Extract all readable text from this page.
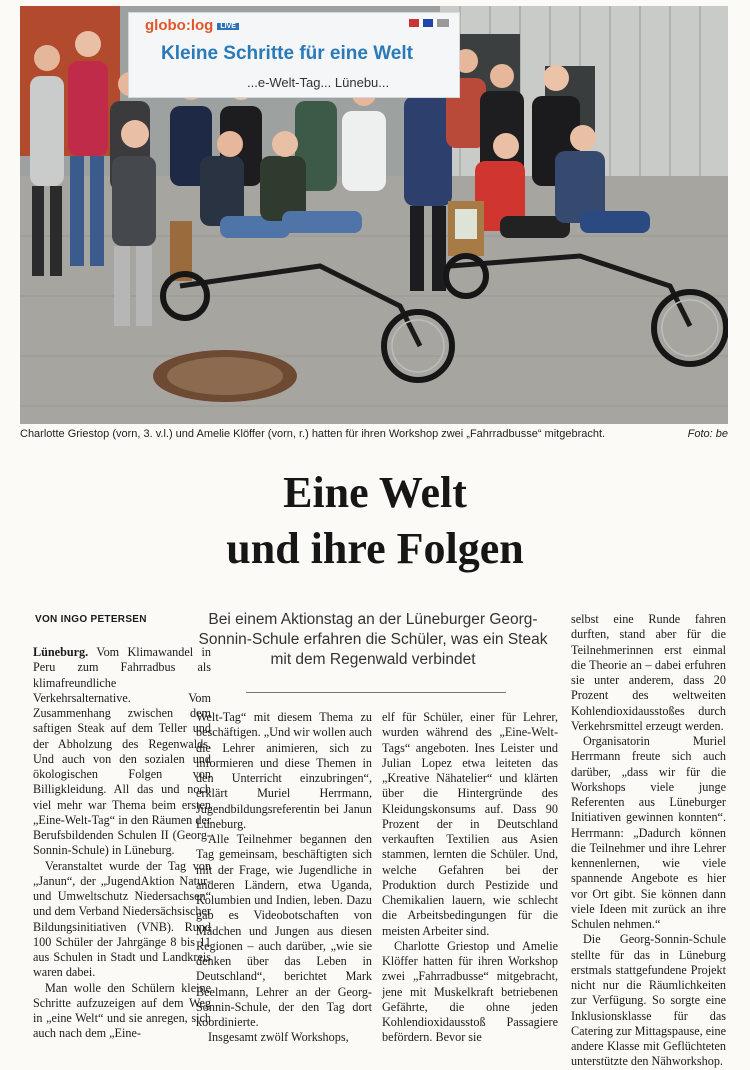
globo:log LIVE
Kleine Schritte für eine Welt
...e-Welt-Tag... Lünebu...
Charlotte Griestop (vorn, 3. v.l.) und Amelie Klöffer (vorn, r.) hatten für ihren Workshop zwei „Fahrradbusse“ mitgebracht.	Foto: be
Eine Welt
und ihre Folgen
VON INGO PETERSEN	Bei einem Aktionstag an der Lüneburger Georg-Sonnin-Schule erfahren die Schüler, was ein Steak mit dem Regenwald verbindet

Lüneburg. Vom Klimawandel in Peru zum Fahrradbus als klimafreundliche Verkehrsalternative. Vom Zusammenhang zwischen dem saftigen Steak auf dem Teller und der Abholzung des Regenwalds. Und auch von den sozialen und ökologischen Folgen von Billigkleidung. All das und noch viel mehr war Thema beim ersten „Eine-Welt-Tag“ in den Räumen der Berufsbildenden Schulen II (Georg-Sonnin-Schule) in Lüneburg.

Veranstaltet wurde der Tag von „Janun“, der „JugendAktion Natur- und Umweltschutz Niedersachsen“ und dem Verband Niedersächsischer Bildungsinitiativen (VNB). Rund 100 Schüler der Jahrgänge 8 bis 11 aus Schulen in Stadt und Landkreis waren dabei.

Man wolle den Schülern kleine Schritte aufzuzeigen auf dem Weg in „eine Welt“ und sie anregen, sich auch nach dem „Eine-

Welt-Tag“ mit diesem Thema zu beschäftigen. „Und wir wollen auch die Lehrer animieren, sich zu informieren und diese Themen in den Unterricht einzubringen“, erklärt Muriel Herrmann, Jugendbildungsreferentin bei Janun Lüneburg.

Alle Teilnehmer begannen den Tag gemeinsam, beschäftigten sich mit der Frage, wie Jugendliche in anderen Ländern, etwa Uganda, Kolumbien und Indien, leben. Dazu gab es Videobotschaften von Mädchen und Jungen aus diesen Regionen – auch darüber, „wie sie denken über das Leben in Deutschland“, berichtet Mark Beelmann, Lehrer an der Georg-Sonnin-Schule, der den Tag dort koordinierte.

Insgesamt zwölf Workshops,

elf für Schüler, einer für Lehrer, wurden während des „Eine-Welt-Tags“ angeboten. Ines Leister und Julian Lopez etwa leiteten das „Kreative Nähatelier“ und klärten über die Hintergründe des Kleidungskonsums auf. Dass 90 Prozent der in Deutschland verkauften Textilien aus Asien stammen, lernten die Schüler. Und, welche Gefahren bei der Produktion durch Pestizide und Chemikalien lauern, wie schlecht die Arbeitsbedingungen für die meisten Arbeiter sind.

Charlotte Griestop und Amelie Klöffer hatten für ihren Workshop zwei „Fahrradbusse“ mitgebracht, jene mit Muskelkraft betriebenen Gefährte, die ohne jeden Kohlendioxidausstoß Passagiere befördern. Bevor sie

selbst eine Runde fahren durften, stand aber für die Teilnehmerinnen erst einmal die Theorie an – dabei erfuhren sie unter anderem, dass 20 Prozent des weltweiten Kohlendioxidausstoßes durch Verkehrsmittel erzeugt werden.

Organisatorin Muriel Herrmann freute sich auch darüber, „dass wir für die Workshops viele junge Referenten aus Lüneburger Initiativen gewinnen konnten“. Herrmann: „Dadurch können die Teilnehmer und ihre Lehrer kennenlernen, wie viele spannende Angebote es hier vor Ort gibt. Sie können dann viele Ideen mit zurück an ihre Schulen nehmen.“

Die Georg-Sonnin-Schule stellte für das in Lüneburg erstmals stattgefundene Projekt nicht nur die Räumlichkeiten zur Verfügung. So sorgte eine Inklusionsklasse für das Catering zur Mittagspause, eine andere Klasse mit Geflüchteten unterstützte den Nähworkshop.
